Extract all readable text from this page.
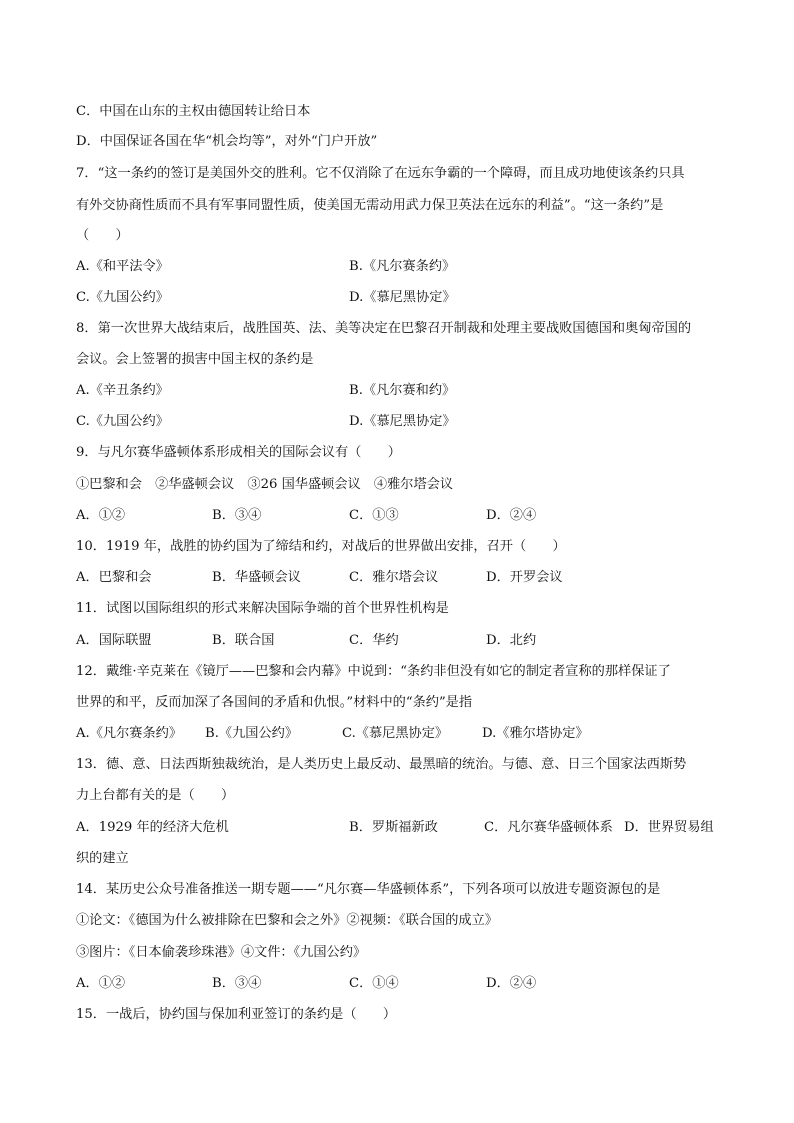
C．中国在山东的主权由德国转让给日本
D．中国保证各国在华“机会均等”，对外“门户开放”
7．“这一条约的签订是美国外交的胜利。它不仅消除了在远东争霸的一个障碍，而且成功地使该条约只具
有外交协商性质而不具有军事同盟性质，使美国无需动用武力保卫英法在远东的利益”。“这一条约”是
（　　）
A.《和平法令》	B.《凡尔赛条约》
C.《九国公约》	D.《慕尼黑协定》
8．第一次世界大战结束后，战胜国英、法、美等决定在巴黎召开制裁和处理主要战败国德国和奥匈帝国的
会议。会上签署的损害中国主权的条约是
A.《辛丑条约》	B.《凡尔赛和约》
C.《九国公约》	D.《慕尼黑协定》
9．与凡尔赛华盛顿体系形成相关的国际会议有（　　）
①巴黎和会　②华盛顿会议　③26 国华盛顿会议　④雅尔塔会议
A．①②	B．③④	C．①③	D．②④
10．1919 年，战胜的协约国为了缔结和约，对战后的世界做出安排，召开（　　）
A．巴黎和会	B．华盛顿会议	C．雅尔塔会议	D．开罗会议
11．试图以国际组织的形式来解决国际争端的首个世界性机构是
A．国际联盟	B．联合国	C．华约	D．北约
12．戴维·辛克莱在《镜厅——巴黎和会内幕》中说到：“条约非但没有如它的制定者宣称的那样保证了
世界的和平，反而加深了各国间的矛盾和仇恨。”材料中的“条约”是指
A.《凡尔赛条约》 B.《九国公约》	C.《慕尼黑协定》	D.《雅尔塔协定》
13．德、意、日法西斯独裁统治，是人类历史上最反动、最黑暗的统治。与德、意、日三个国家法西斯势
力上台都有关的是（　　）
A．1929 年的经济大危机	B．罗斯福新政	C．凡尔赛华盛顿体系 D．世界贸易组
织的建立
14．某历史公众号准备推送一期专题——“凡尔赛—华盛顿体系”，下列各项可以放进专题资源包的是
①论文：《德国为什么被排除在巴黎和会之外》②视频：《联合国的成立》
③图片：《日本偷袭珍珠港》④文件：《九国公约》
A．①②	B．③④	C．①④	D．②④
15．一战后，协约国与保加利亚签订的条约是（　　）
